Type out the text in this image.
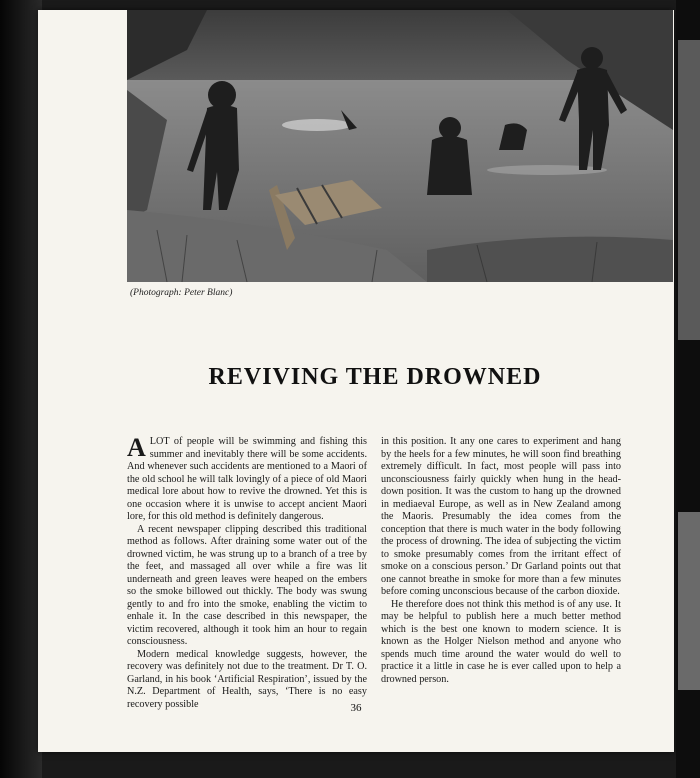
36
(Photograph: Peter Blanc)
REVIVING THE DROWNED

ALOT of people will be swimming and fishing this summer and inevitably there will be some accidents. And whenever such accidents are mentioned to a Maori of the old school he will talk lovingly of a piece of old Maori medical lore about how to revive the drowned. Yet this is one occasion where it is unwise to accept ancient Maori lore, for this old method is definitely dangerous.

A recent newspaper clipping described this traditional method as follows. After draining some water out of the drowned victim, he was strung up to a branch of a tree by the feet, and massaged all over while a fire was lit underneath and green leaves were heaped on the embers so the smoke billowed out thickly. The body was swung gently to and fro into the smoke, enabling the victim to enhale it. In the case described in this newspaper, the victim recovered, although it took him an hour to regain consciousness.

Modern medical knowledge suggests, however, the recovery was definitely not due to the treatment. Dr T. O. Garland, in his book ‘Artificial Respiration’, issued by the N.Z. Department of Health, says, ‘There is no easy recovery possible

in this position. It any one cares to experiment and hang by the heels for a few minutes, he will soon find breathing extremely difficult. In fact, most people will pass into unconsciousness fairly quickly when hung in the head-down position. It was the custom to hang up the drowned in mediaeval Europe, as well as in New Zealand among the Maoris. Presumably the idea comes from the conception that there is much water in the body following the process of drowning. The idea of subjecting the victim to smoke presumably comes from the irritant effect of smoke on a conscious person.’ Dr Garland points out that one cannot breathe in smoke for more than a few minutes before coming unconscious because of the carbon dioxide.

He therefore does not think this method is of any use. It may be helpful to publish here a much better method which is the best one known to modern science. It is known as the Holger Nielson method and anyone who spends much time around the water would do well to practice it a little in case he is ever called upon to help a drowned person.
